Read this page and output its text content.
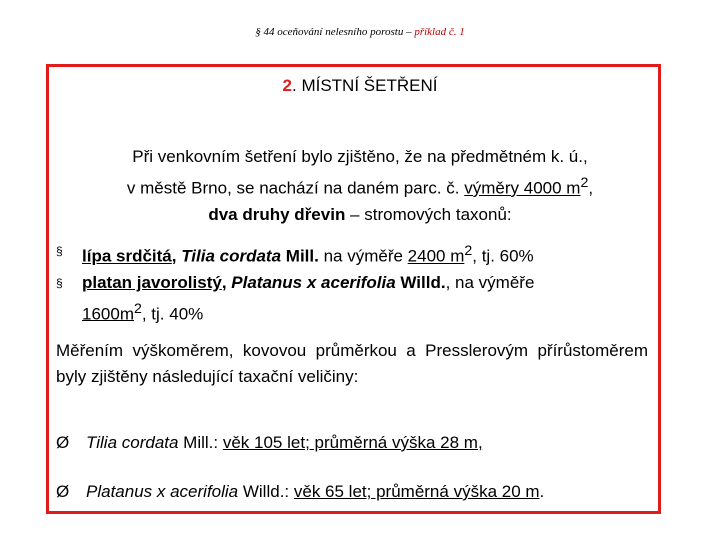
§ 44 oceňování nelesního porostu – příklad č. 1
2. MÍSTNÍ ŠETŘENÍ
Při venkovním šetření bylo zjištěno, že na předmětném k. ú.,
v městě Brno, se nachází na daném parc. č. výměry 4000 $m^2$,
dva druhy dřevin – stromových taxonů:
§ lípa srdčitá, Tilia cordata Mill. na výměře 2400 $m^2$, tj. 60%
§ platan javorolistý, Platanus x acerifolia Willd., na výměře
$1600m^2$, tj. 40%
Měřením výškoměrem, kovovou průměrkou a Presslerovým přírůstoměrem byly zjištěny následující taxační veličiny:
Ø Tilia cordata Mill.: věk 105 let; průměrná výška 28 m,
Ø Platanus x acerifolia Willd.: věk 65 let; průměrná výška 20 m.
